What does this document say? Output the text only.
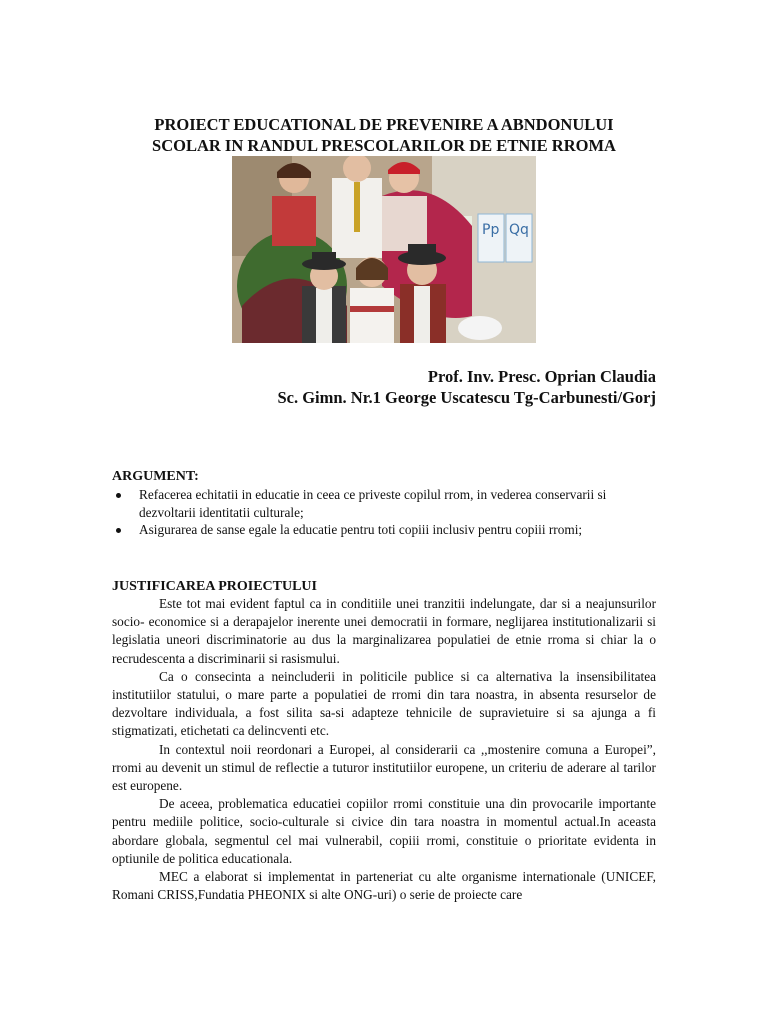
PROIECT EDUCATIONAL DE PREVENIRE A ABNDONULUI
SCOLAR IN RANDUL PRESCOLARILOR DE ETNIE RROMA
Pp Qq
Prof. Inv. Presc. Oprian Claudia
Sc. Gimn. Nr.1 George Uscatescu Tg-Carbunesti/Gorj
ARGUMENT:
Refacerea echitatii in educatie in ceea ce priveste copilul rrom, in vederea conservarii si dezvoltarii identitatii culturale;
Asigurarea de sanse egale la educatie pentru toti copiii inclusiv pentru copiii rromi;
JUSTIFICAREA PROIECTULUI

Este tot mai evident faptul ca in conditiile unei tranzitii indelungate, dar si a neajunsurilor socio- economice si a derapajelor inerente unei democratii in formare, neglijarea institutionalizarii si legislatia uneori discriminatorie au dus la marginalizarea populatiei de etnie rroma si chiar la o recrudescenta a discriminarii si rasismului.

Ca o consecinta a neincluderii in politicile publice si ca alternativa la insensibilitatea institutiilor statului, o mare parte a populatiei de rromi din tara noastra, in absenta resurselor de dezvoltare individuala, a fost silita sa-si adapteze tehnicile de supravietuire si sa ajunga a fi stigmatizati, etichetati ca delincventi etc.

In contextul noii reordonari a Europei, al considerarii ca ,,mostenire comuna a Europei”, rromi au devenit un stimul de reflectie a tuturor institutiilor europene, un criteriu de aderare al tarilor est europene.

De aceea, problematica educatiei copiilor rromi constituie una din provocarile importante pentru mediile politice, socio-culturale si civice din tara noastra in momentul actual.In aceasta abordare globala, segmentul cel mai vulnerabil, copiii rromi, constituie o prioritate evidenta in optiunile de politica educationala.

MEC a elaborat si implementat in parteneriat cu alte organisme internationale (UNICEF, Romani CRISS,Fundatia PHEONIX si alte ONG-uri) o serie de proiecte care
